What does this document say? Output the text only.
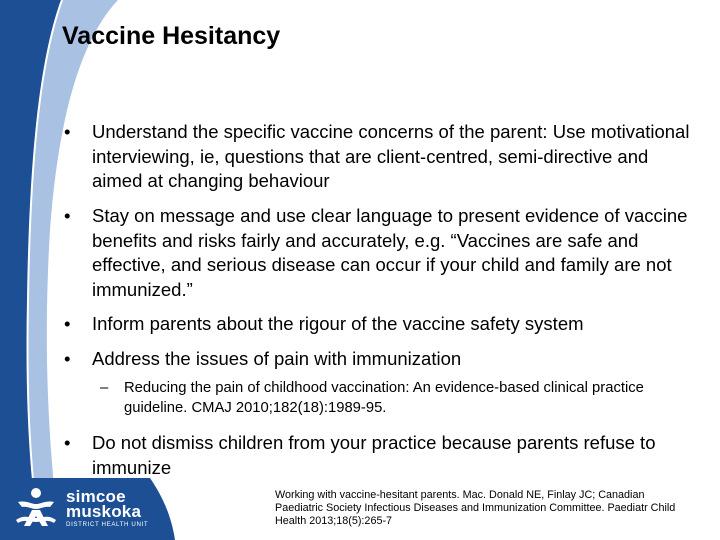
Vaccine Hesitancy
• Understand the specific vaccine concerns of the parent: Use motivational interviewing, ie, questions that are client-centred, semi-directive and aimed at changing behaviour
• Stay on message and use clear language to present evidence of vaccine benefits and risks fairly and accurately, e.g. “Vaccines are safe and effective, and serious disease can occur if your child and family are not immunized.”
• Inform parents about the rigour of the vaccine safety system
• Address the issues of pain with immunization
– Reducing the pain of childhood vaccination: An evidence-based clinical practice guideline. CMAJ 2010;182(18):1989-95.
• Do not dismiss children from your practice because parents refuse to immunize
Working with vaccine-hesitant parents. Mac. Donald NE, Finlay JC; Canadian Paediatric Society Infectious Diseases and Immunization Committee. Paediatr Child Health 2013;18(5):265-7
simcoe
muskoka
DISTRICT HEALTH UNIT
